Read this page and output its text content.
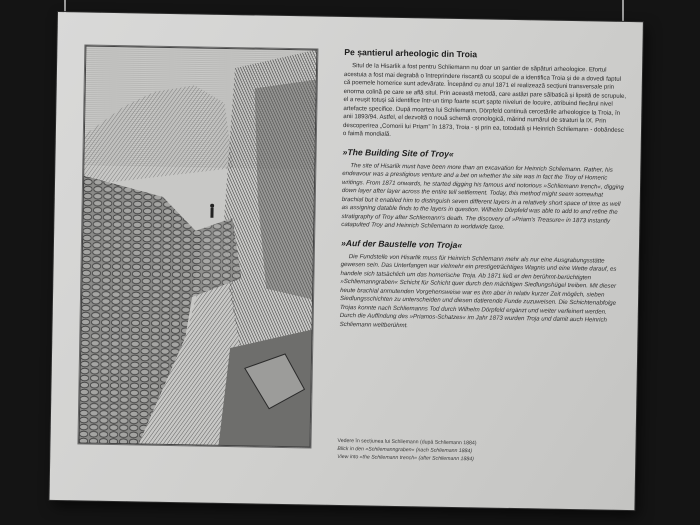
Pe șantierul arheologic din Troia

Situl de la Hisarlik a fost pentru Schliemann nu doar un șantier de săpături arheologice. Efortul acestuia a fost mai degrabă o întreprindere riscantă cu scopul de a identifica Troia și de a dovedi faptul că poemele homerice sunt adevărate. Începând cu anul 1871 el realizează secțiuni transversale prin enorma colină pe care se află situl. Prin această metodă, care astăzi pare sălbatică și lipsită de scrupule, el a reușit totuși să identifice într-un timp foarte scurt șapte niveluri de locuire, atribuind fiecărui nivel artefacte specifice. După moartea lui Schliemann, Dörpfeld continuă cercetările arheologice la Troia, în anii 1893/94. Astfel, el dezvoltă o nouă schemă cronologică, mărind numărul de straturi la IX. Prin descoperirea „Comorii lui Priam” în 1873, Troia - și prin ea, totodată și Heinrich Schliemann - dobândesc o faimă mondială.

»The Building Site of Troy«

The site of Hisarlik must have been more than an excavation for Heinrich Schliemann. Rather, his endeavour was a prestigious venture and a bet on whether the site was in fact the Troy of Homeric writings. From 1871 onwards, he started digging his famous and notorious »Schliemann trench«, digging down layer after layer across the entire tell settlement. Today, this method might seem somewhat brachial but it enabled him to distinguish seven different layers in a relatively short space of time as well as assigning datable finds to the layers in question. Wilhelm Dörpfeld was able to add to and refine the stratigraphy of Troy after Schliemann's death. The discovery of »Priam's Treasure« in 1873 instantly catapulted Troy and Heinrich Schliemann to worldwide fame.

»Auf der Baustelle von Troja«

Die Fundstelle von Hisarlik muss für Heinrich Schliemann mehr als nur eine Ausgrabungsstätte gewesen sein. Das Unterfangen war vielmehr ein prestigeträchtiges Wagnis und eine Wette darauf, es handele sich tatsächlich um das homerische Troja. Ab 1871 ließ er den berühmt-berüchtigten »Schliemanngraben« Schicht für Schicht quer durch den mächtigen Siedlungshügel treiben. Mit dieser heute brachial anmutenden Vorgehensweise war es ihm aber in relativ kurzer Zeit möglich, sieben Siedlungsschichten zu unterscheiden und diesen datierende Funde zuzuweisen. Die Schichtenabfolge Trojas konnte nach Schliemanns Tod durch Wilhelm Dörpfeld ergänzt und weiter verfeinert werden. Durch die Auffindung des »Priamos-Schatzes« im Jahr 1873 wurden Troja und damit auch Heinrich Schliemann weltberühmt.

Vedere în secțiunea lui Schliemann (după Schliemann 1884)

Blick in den »Schliemanngraben« (nach Schliemann 1884)

View into »the Schliemann trench« (after Schliemann 1884)
